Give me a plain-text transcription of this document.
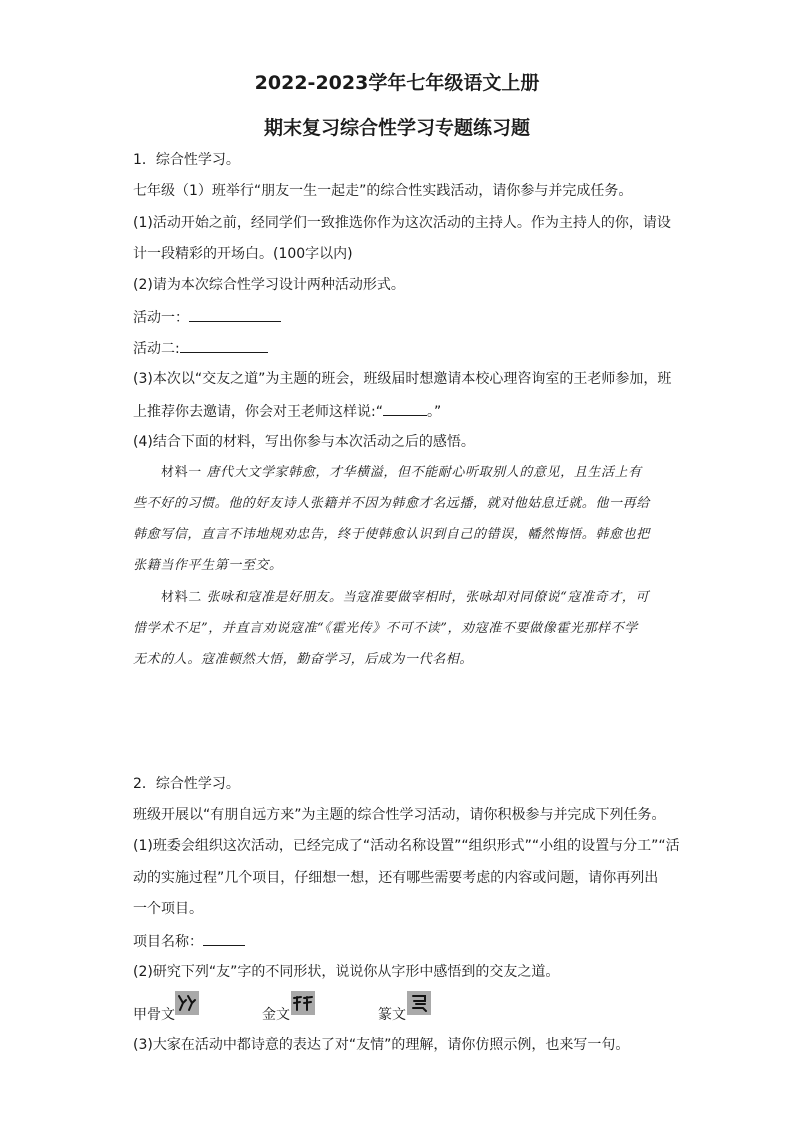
2022-2023学年七年级语文上册
期末复习综合性学习专题练习题
1．综合性学习。
七年级（1）班举行“朋友一生一起走”的综合性实践活动，请你参与并完成任务。
(1)活动开始之前，经同学们一致推选你作为这次活动的主持人。作为主持人的你，请设
计一段精彩的开场白。(100字以内)
(2)请为本次综合性学习设计两种活动形式。
活动一：
活动二:
(3)本次以“交友之道”为主题的班会，班级届时想邀请本校心理咨询室的王老师参加，班
上推荐你去邀请，你会对王老师这样说:“	。”
(4)结合下面的材料，写出你参与本次活动之后的感悟。
材料一 唐代大文学家韩愈，才华横溢，但不能耐心听取别人的意见，且生活上有
些不好的习惯。他的好友诗人张籍并不因为韩愈才名远播，就对他姑息迁就。他一再给
韩愈写信，直言不讳地规劝忠告，终于使韩愈认识到自己的错误，幡然悔悟。韩愈也把
张籍当作平生第一至交。
材料二 张咏和寇准是好朋友。当寇准要做宰相时，张咏却对同僚说“寇准奇才，可
惜学术不足”，并直言劝说寇准“《霍光传》不可不读”，劝寇准不要做像霍光那样不学
无术的人。寇准顿然大悟，勤奋学习，后成为一代名相。
2．综合性学习。
班级开展以“有朋自远方来”为主题的综合性学习活动，请你积极参与并完成下列任务。
(1)班委会组织这次活动，已经完成了“活动名称设置”“组织形式”“小组的设置与分工”“活
动的实施过程”几个项目，仔细想一想，还有哪些需要考虑的内容或问题，请你再列出
一个项目。
项目名称：
(2)研究下列“友”字的不同形状，说说你从字形中感悟到的交友之道。
甲骨文	金文	篆文
(3)大家在活动中都诗意的表达了对“友情”的理解，请你仿照示例，也来写一句。
